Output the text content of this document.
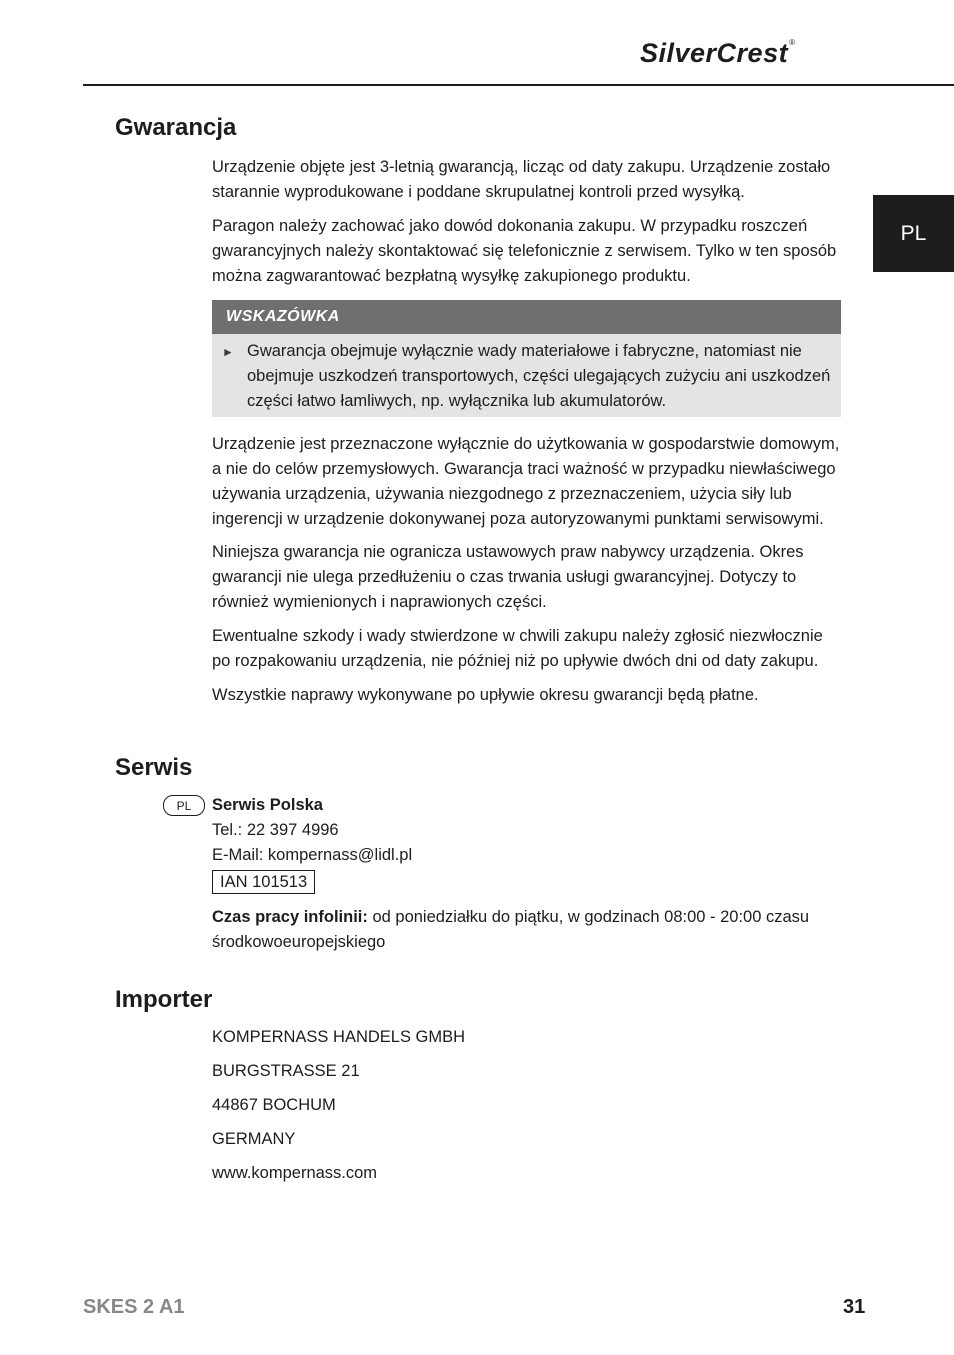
SilverCrest®
PL
Gwarancja

Urządzenie objęte jest 3-letnią gwarancją, licząc od daty zakupu. Urządzenie zostało starannie wyprodukowane i poddane skrupulatnej kontroli przed wysyłką.

Paragon należy zachować jako dowód dokonania zakupu. W przypadku roszczeń gwarancyjnych należy skontaktować się telefonicznie z serwisem. Tylko w ten sposób można zagwarantować bezpłatną wysyłkę zakupionego produktu.

WSKAZÓWKA
► Gwarancja obejmuje wyłącznie wady materiałowe i fabryczne, natomiast nie obejmuje uszkodzeń transportowych, części ulegających zużyciu ani uszkodzeń części łatwo łamliwych, np. wyłącznika lub akumulatorów.

Urządzenie jest przeznaczone wyłącznie do użytkowania w gospodarstwie domowym, a nie do celów przemysłowych. Gwarancja traci ważność w przypadku niewłaściwego używania urządzenia, używania niezgodnego z przeznaczeniem, użycia siły lub ingerencji w urządzenie dokonywanej poza autoryzowanymi punktami serwisowymi.

Niniejsza gwarancja nie ogranicza ustawowych praw nabywcy urządzenia. Okres gwarancji nie ulega przedłużeniu o czas trwania usługi gwarancyjnej. Dotyczy to również wymienionych i naprawionych części.

Ewentualne szkody i wady stwierdzone w chwili zakupu należy zgłosić niezwłocznie po rozpakowaniu urządzenia, nie później niż po upływie dwóch dni od daty zakupu.

Wszystkie naprawy wykonywane po upływie okresu gwarancji będą płatne.

Serwis
PL	Serwis Polska

Tel.: 22 397 4996

E-Mail: kompernass@lidl.pl

IAN 101513

Czas pracy infolinii: od poniedziałku do piątku, w godzinach 08:00 - 20:00 czasu środkowoeuropejskiego

Importer

KOMPERNASS HANDELS GMBH

BURGSTRASSE 21

44867 BOCHUM

GERMANY

www.kompernass.com

SKES 2 A1	31
